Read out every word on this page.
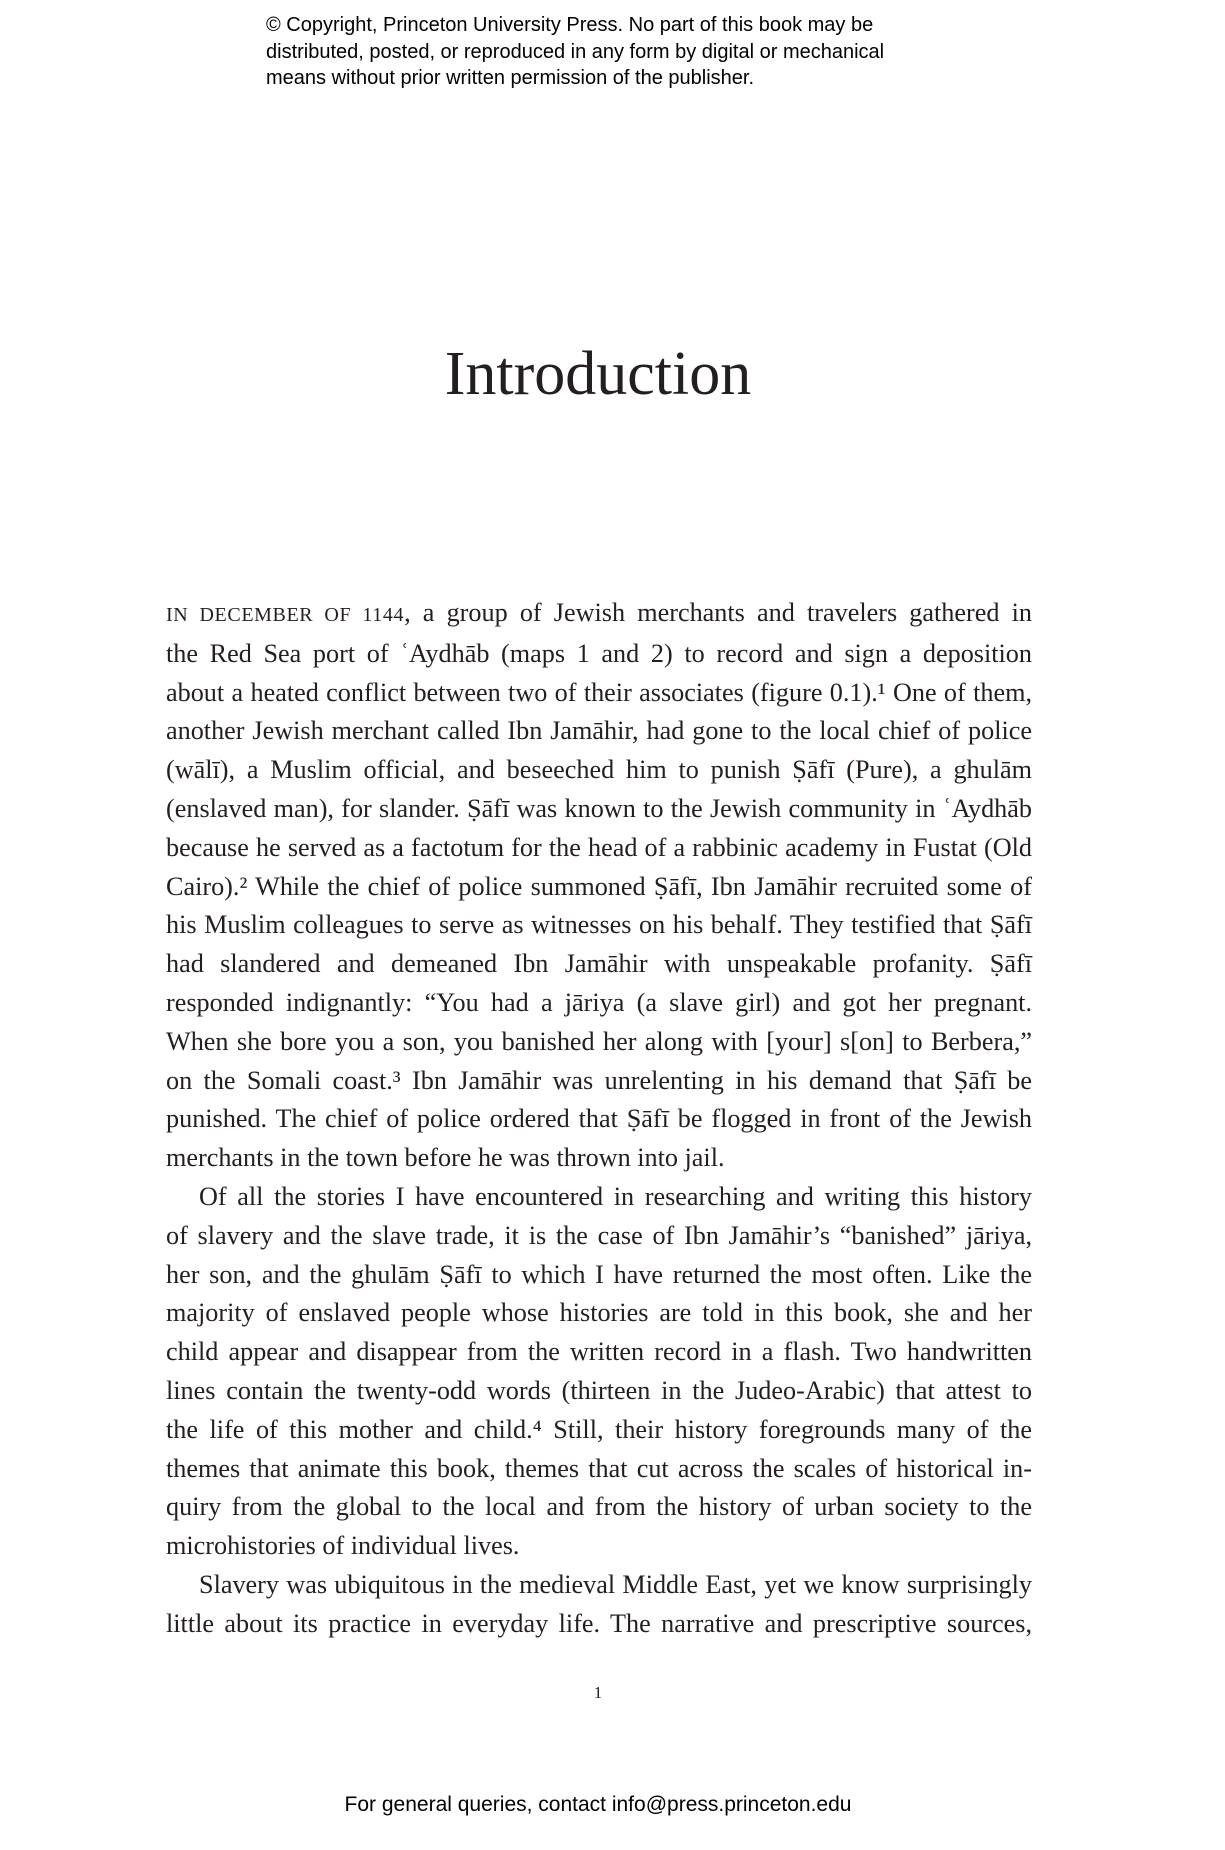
© Copyright, Princeton University Press. No part of this book may be
distributed, posted, or reproduced in any form by digital or mechanical
means without prior written permission of the publisher.
Introduction

IN DECEMBER OF 1144, a group of Jewish merchants and travelers gathered in
the Red Sea port of ʿAydhāb (maps 1 and 2) to record and sign a deposition
about a heated conflict between two of their associates (figure 0.1).¹ One of them,
another Jewish merchant called Ibn Jamāhir, had gone to the local chief of police
(wālī), a Muslim official, and beseeched him to punish Ṣāfī (Pure), a ghulām
(enslaved man), for slander. Ṣāfī was known to the Jewish community in ʿAydhāb
because he served as a factotum for the head of a rabbinic academy in Fustat (Old
Cairo).² While the chief of police summoned Ṣāfī, Ibn Jamāhir recruited some of
his Muslim colleagues to serve as witnesses on his behalf. They testified that Ṣāfī
had slandered and demeaned Ibn Jamāhir with unspeakable profanity. Ṣāfī
responded indignantly: “You had a jāriya (a slave girl) and got her pregnant.
When she bore you a son, you banished her along with [your] s[on] to Berbera,”
on the Somali coast.³ Ibn Jamāhir was unrelenting in his demand that Ṣāfī be
punished. The chief of police ordered that Ṣāfī be flogged in front of the Jewish
merchants in the town before he was thrown into jail.

Of all the stories I have encountered in researching and writing this history
of slavery and the slave trade, it is the case of Ibn Jamāhir’s “banished” jāriya,
her son, and the ghulām Ṣāfī to which I have returned the most often. Like the
majority of enslaved people whose histories are told in this book, she and her
child appear and disappear from the written record in a flash. Two handwritten
lines contain the twenty-odd words (thirteen in the Judeo-Arabic) that attest to
the life of this mother and child.⁴ Still, their history foregrounds many of the
themes that animate this book, themes that cut across the scales of historical in-
quiry from the global to the local and from the history of urban society to the
microhistories of individual lives.

Slavery was ubiquitous in the medieval Middle East, yet we know surprisingly
little about its practice in everyday life. The narrative and prescriptive sources,

1
For general queries, contact info@press.princeton.edu
